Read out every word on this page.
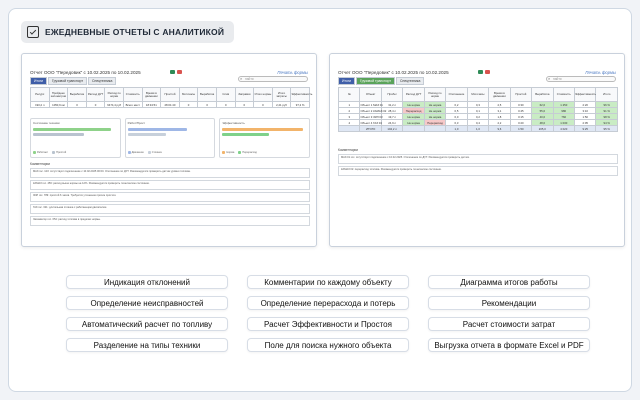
ЕЖЕДНЕВНЫЕ ОТЧЕТЫ С АНАЛИТИКОЙ
Отчет ООО "Передовик" с 10.02.2025 по 10.02.2025	Печать формы
Итоги	Грузовой транспорт	Спецтехника	⌕ найти
Ресурс	Пройдено километров	Выработка	Расход ДУТ	Расход по норме	Стоимость	Время в движении	Простой	Моточасы	Выработка	Слив	Заправки	Итого нормы	Итого затраты	Эффективность
190,2 л	1050,9 км	0	0	6474,4 руб	Всего мест	18:34:51	28:01:40	0	0	0	0	0	2,21 руб	97,2 %
Состояние техники
Работает	Простой
Работ/Прост
Движение	Стоянка
Эффективность
Норма	Перерасход
Комментарии
МАЗ гос. 123: отсутствует подключение с 10.02.2025 00:00. Отклонение по ДУТ. Рекомендуется проверить датчик уровня топлива.
КАМАЗ гос. 456: расход выше нормы на 12%. Рекомендуется проверить техническое состояние.
ЗИЛ гос. 789: простой 6 часов. Требуется уточнение причин простоя.
ГАЗ гос. 321: длительная стоянка с работающим двигателем.
Экскаватор гос. 654: расход топлива в пределах нормы.
Отчет ООО "Передовик" с 10.02.2025 по 10.02.2025	Печать формы
Итоги	Грузовой транспорт	Спецтехника	⌕ найти
№	Объект	Пробег	Расход ДУТ	Расход по норме	Отклонение	Моточасы	Время в движении	Простой	Выработка	Стоимость	Эффективность	Итого
1	Объект 1 МАЗ 01	31,2 л	Не норма	Не норма	0,2	0,3	2,5	0:30	62,0	1 250	2:20	96 %
2	Объект 2 КАМАЗ 02	28,4 л	Перерасход	Не норма	0,5	0,1	3,1	0:45	55,0	980	3:10	91 %
3	Объект 3 ЗИЛ 03	19,7 л	Не норма	Не норма	0,0	0,2	1,8	0:15	40,0	760	1:50	98 %
4	Объект 4 ГАЗ 04	24,9 л	Не норма	Перерасход	0,3	0,4	2,2	0:20	48,0	1 030	2:05	94 %
	ИТОГО	104,2 л			1,0	1,0	9,6	1:50	205,0	4 020	9:25	95 %
Комментарии
МАЗ 01 гос. отсутствует подключение с 10.02.2025. Отклонение по ДУТ. Рекомендуется проверить датчик.
КАМАЗ 02: перерасход топлива. Рекомендуется проверить техническое состояние.
Индикация отклонений	Комментарии по каждому объекту	Диаграмма итогов работы
Определение неисправностей	Определение перерасхода и потерь	Рекомендации
Автоматический расчет по топливу	Расчет Эффективности и Простоя	Расчет стоимости затрат
Разделение на типы техники	Поле для поиска нужного объекта	Выгрузка отчета в формате Excel и PDF
